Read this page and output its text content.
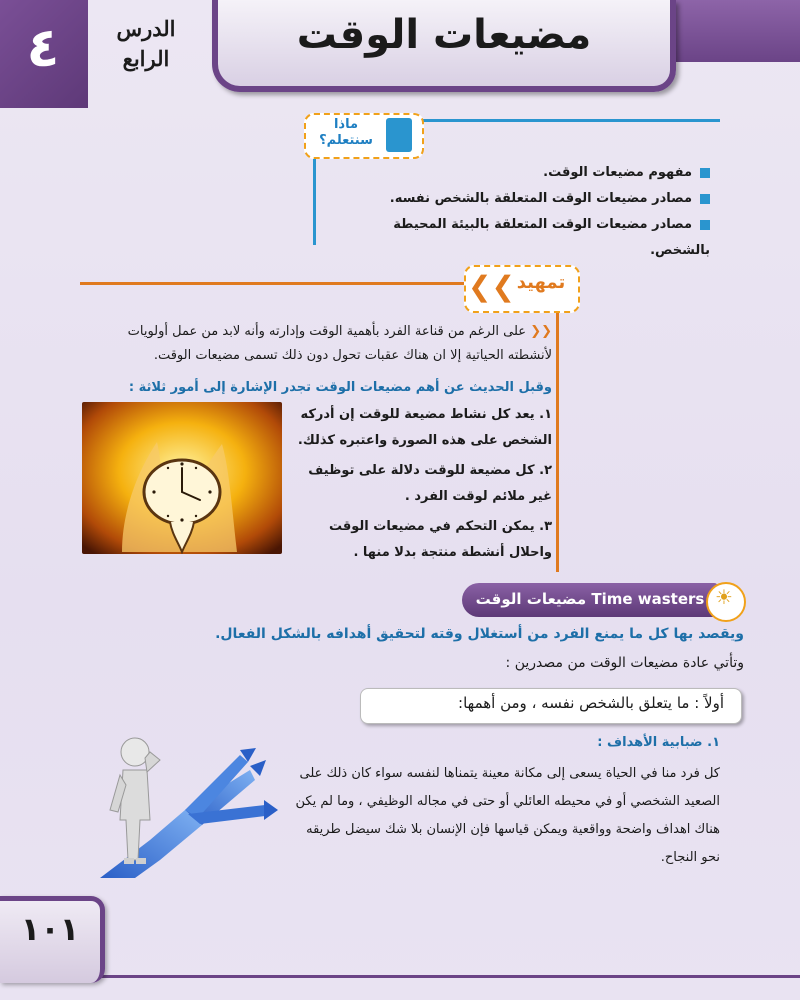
٤	الدرس
الرابع
مضيعات الوقت
ماذا
سنتعلم؟
مفهوم مضيعات الوقت.
مصادر مضيعات الوقت المتعلقة بالشخص نفسه.
مصادر مضيعات الوقت المتعلقة بالبيئة المحيطة بالشخص.
❮❮ تمهيد
❮❮ على الرغم من قناعة الفرد بأهمية الوقت وإدارته وأنه لابد من عمل أولويات لأنشطته الحياتية إلا ان هناك عقبات تحول دون ذلك تسمى مضيعات الوقت.
وقبل الحديث عن أهم مضيعات الوقت تجدر الإشارة إلى أمور ثلاثة :
١. يعد كل نشاط مضيعة للوقت إن أدركه الشخص على هذه الصورة واعتبره كذلك.
٢. كل مضيعة للوقت دلالة على توظيف غير ملائم لوقت الفرد .
٣. يمكن التحكم في مضيعات الوقت واحلال أنشطة منتجة بدلا منها .
مضيعات الوقت Time wasters ☀
ويقصد بها كل ما يمنع الفرد من أستغلال وقته لتحقيق أهدافه بالشكل الفعال.
وتأتي عادة مضيعات الوقت من مصدرين :
أولاً : ما يتعلق بالشخص نفسه ، ومن أهمها:
١. ضبابية الأهداف :
كل فرد منا في الحياة يسعى إلى مكانة معينة يتمناها لنفسه سواء كان ذلك على الصعيد الشخصي أو في محيطه العائلي أو حتى في مجاله الوظيفي ، وما لم يكن هناك اهداف واضحة وواقعية ويمكن قياسها فإن الإنسان بلا شك سيضل طريقه نحو النجاح.
١٠١
